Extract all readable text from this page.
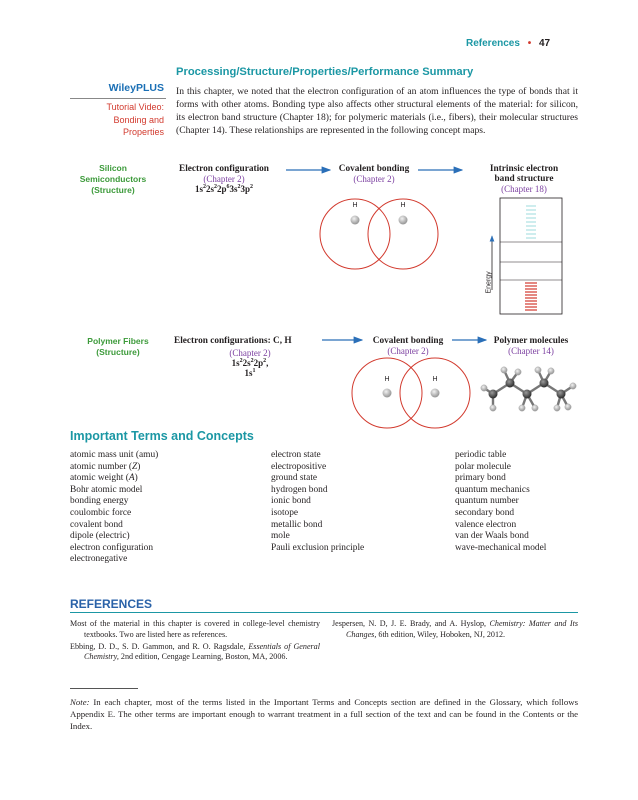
References • 47
Processing/Structure/Properties/Performance Summary
WileyPLUS
Tutorial Video:
Bonding and
Properties
In this chapter, we noted that the electron configuration of an atom influences the type of bonds that it forms with other atoms. Bonding type also affects other structural elements of the material: for silicon, its electron band structure (Chapter 18); for polymeric materials (i.e., fibers), their molecular structures (Chapter 14). These relationships are represented in the following concept maps.
Silicon
Semiconductors
(Structure)
Electron configuration
(Chapter 2)
$1s^22s^22p^63s^23p^2$
Covalent bonding
(Chapter 2)
Intrinsic electron
band structure
(Chapter 18)
H	H
Energy
Polymer Fibers
(Structure)
Electron configurations: C, H
(Chapter 2)
$1s^22s^22p^2$,
$1s^1$
Covalent bonding
(Chapter 2)
Polymer molecules
(Chapter 14)
H	H
Important Terms and Concepts
atomic mass unit (amu)
atomic number (Z)
atomic weight (A)
Bohr atomic model
bonding energy
coulombic force
covalent bond
dipole (electric)
electron configuration
electronegative
electron state
electropositive
ground state
hydrogen bond
ionic bond
isotope
metallic bond
mole
Pauli exclusion principle
periodic table
polar molecule
primary bond
quantum mechanics
quantum number
secondary bond
valence electron
van der Waals bond
wave-mechanical model
REFERENCES
Most of the material in this chapter is covered in college-level chemistry textbooks. Two are listed here as references.
Ebbing, D. D., S. D. Gammon, and R. O. Ragsdale, Essentials of General Chemistry, 2nd edition, Cengage Learning, Boston, MA, 2006.
Jespersen, N. D, J. E. Brady, and A. Hyslop, Chemistry: Matter and Its Changes, 6th edition, Wiley, Hoboken, NJ, 2012.
Note: In each chapter, most of the terms listed in the Important Terms and Concepts section are defined in the Glossary, which follows Appendix E. The other terms are important enough to warrant treatment in a full section of the text and can be found in the Contents or the Index.
